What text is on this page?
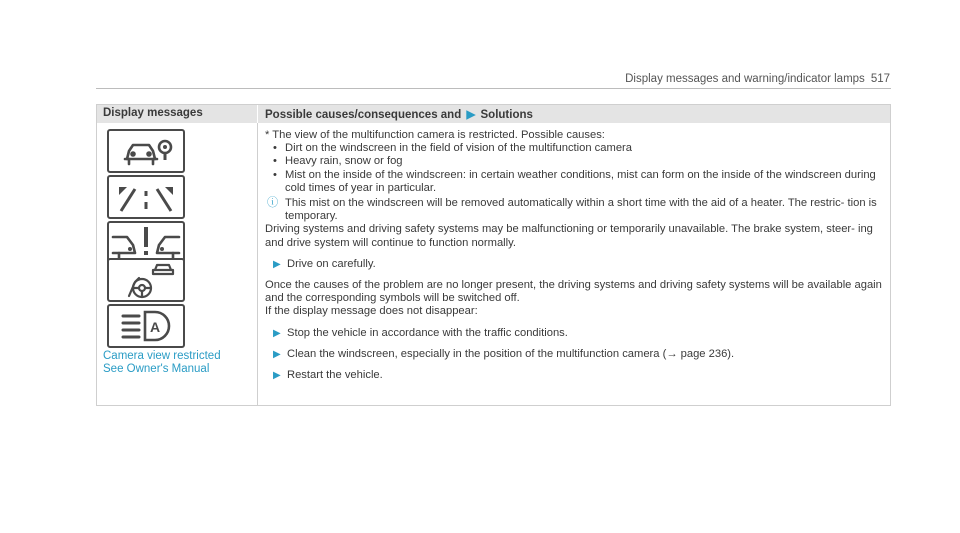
Display messages and warning/indicator lamps 517
Display messages	Possible causes/consequences and ▶ Solutions
A
Camera view restricted
See Owner's Manual

* The view of the multifunction camera is restricted. Possible causes:

• Dirt on the windscreen in the field of vision of the multifunction camera

• Heavy rain, snow or fog

• Mist on the inside of the windscreen: in certain weather conditions, mist can form on the inside of the windscreen during cold times of year in particular.

ⓘ This mist on the windscreen will be removed automatically within a short time with the aid of a heater. The restric- tion is temporary.

Driving systems and driving safety systems may be malfunctioning or temporarily unavailable. The brake system, steer- ing and drive system will continue to function normally.

▶ Drive on carefully.

Once the causes of the problem are no longer present, the driving systems and driving safety systems will be available again and the corresponding symbols will be switched off.

If the display message does not disappear:

▶ Stop the vehicle in accordance with the traffic conditions.

▶ Clean the windscreen, especially in the position of the multifunction camera (→ page 236).

▶ Restart the vehicle.
